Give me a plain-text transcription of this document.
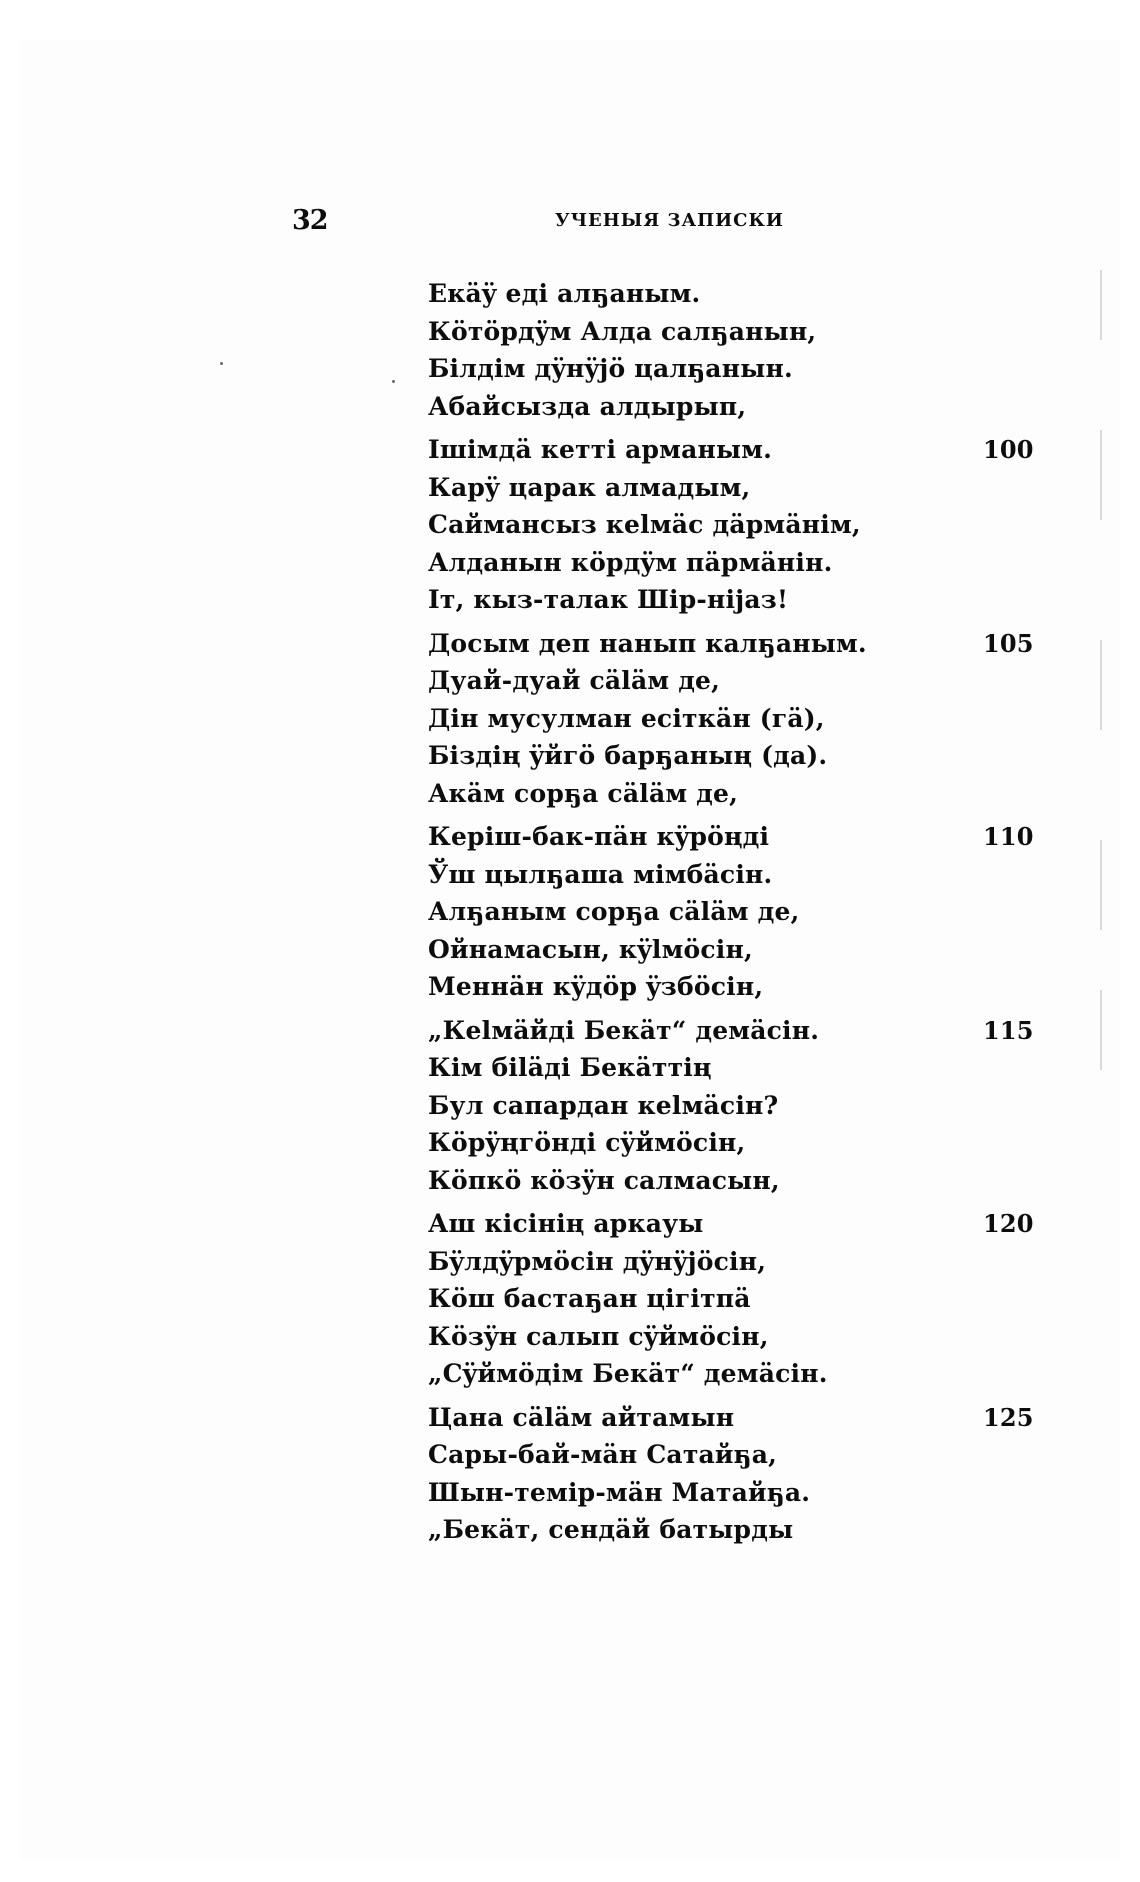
32	УЧЕНЫЯ ЗАПИСКИ
Екäÿ едi алҕаным.
Кöтöрдÿм Алда салҕанын,
Бiлдiм дÿнÿjö цалҕанын.
Абайсызда алдырып,
Iшiмдä кеттi арманым.	100
Карÿ царак алмадым,
Саймансыз кеlмäс дäрмäнiм,
Алданын кöрдÿм пäрмäнiн.
Iт, кыз-талак Шiр-нijаз!
Досым деп нанып калҕаным.	105
Дуай-дуай сälӓм де,
Дiн мусулман есiткäн (гä),
Бiздiң ÿйгö барҕаның (да).
Акäм сорҕа сälӓм де,
Керiш-бак-пäн кÿрöңдi	110
Ўш цылҕаша мiмбäсiн.
Алҕаным сорҕа сälӓм де,
Ойнамасын, кÿlмöсiн,
Меннäн кÿдöр ÿзбöсiн,
„Кеlмäйдi Бекäт“ демäсiн.	115
Кiм бiläдi Бекäттiң
Бул сапардан кеlмäсiн?
Кöрÿңгöндi сÿймöсiн,
Кöпкö кöзÿн салмасын,
Аш кiсiнiң аркауы	120
Бÿлдÿрмöсiн дÿнÿjöсiн,
Кöш бастаҕан цiгiтпä
Кöзÿн салып сÿймöсiн,
„Сÿймöдiм Бекäт“ демäсiн.
Цана сälӓм айтамын	125
Сары-бай-мäн Сатайҕа,
Шын-темiр-мäн Матайҕа.
„Бекäт, сендäй батырды
